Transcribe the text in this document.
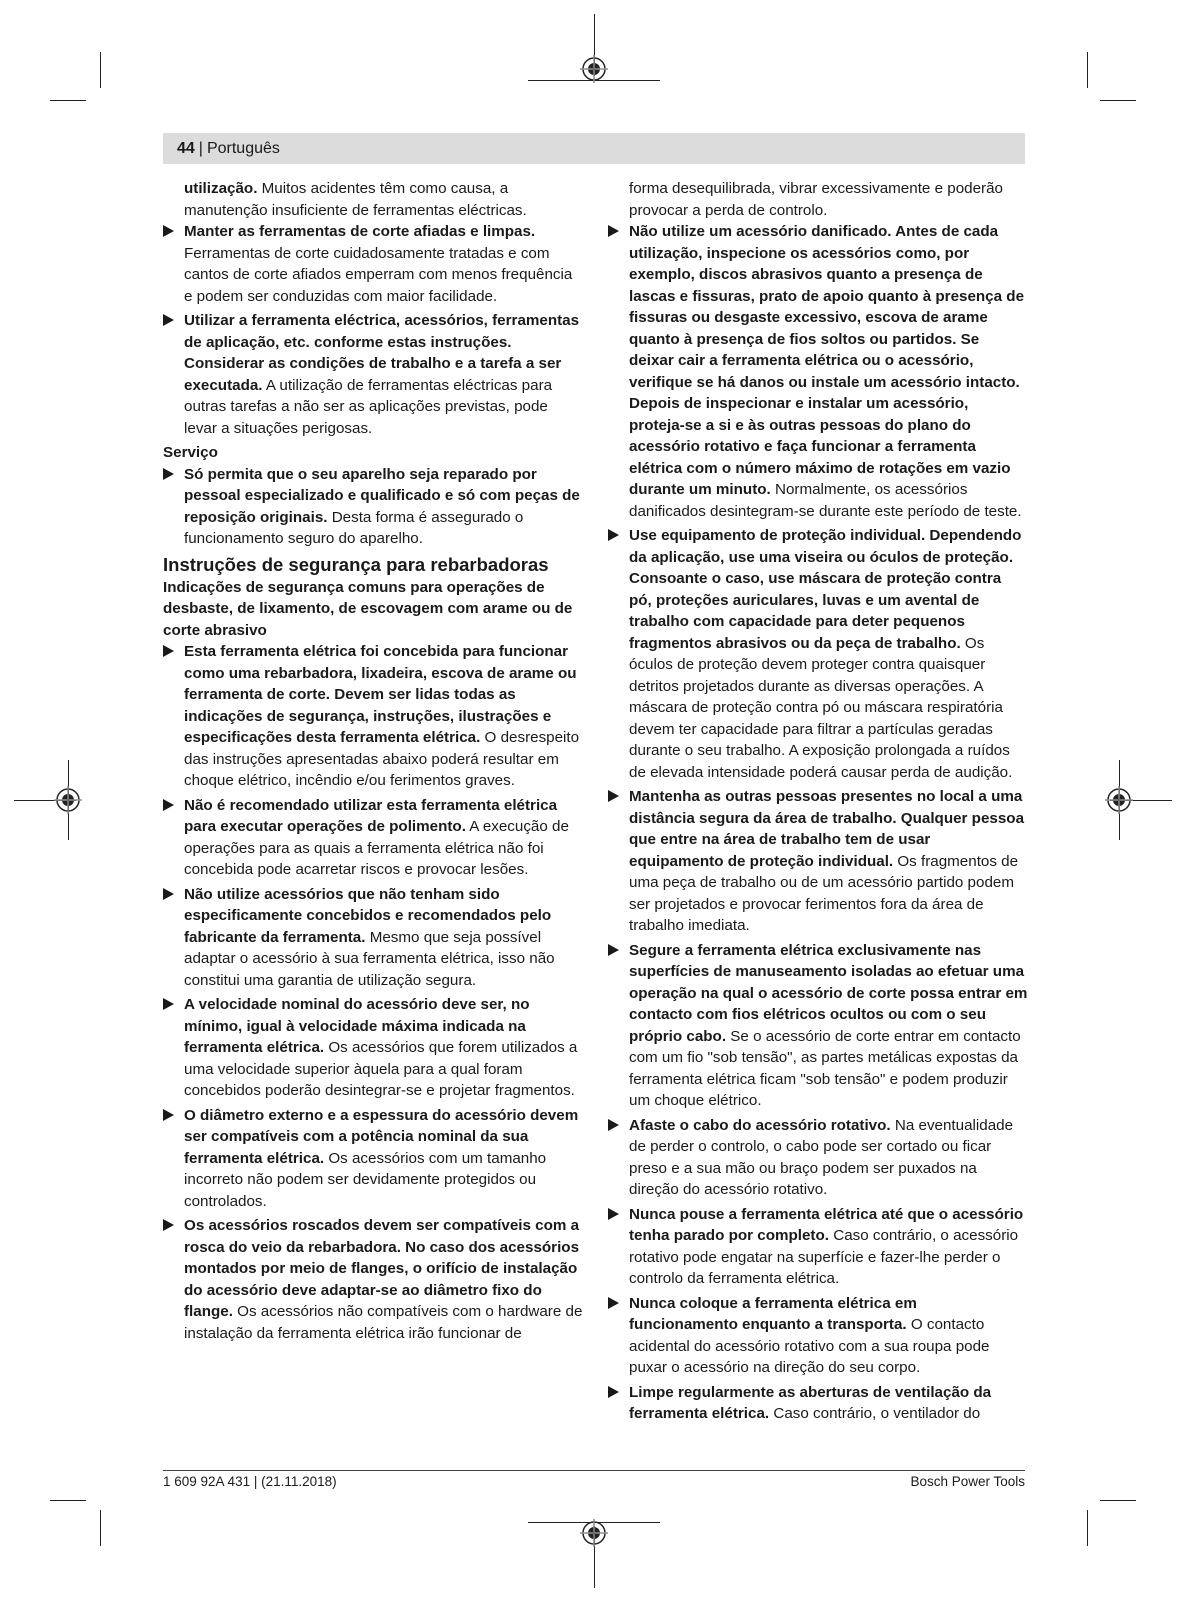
44 | Português

utilização. Muitos acidentes têm como causa, a manutenção insuficiente de ferramentas eléctricas.

Manter as ferramentas de corte afiadas e limpas. Ferramentas de corte cuidadosamente tratadas e com cantos de corte afiados emperram com menos frequência e podem ser conduzidas com maior facilidade.
Utilizar a ferramenta eléctrica, acessórios, ferramentas de aplicação, etc. conforme estas instruções. Considerar as condições de trabalho e a tarefa a ser executada. A utilização de ferramentas eléctricas para outras tarefas a não ser as aplicações previstas, pode levar a situações perigosas.

Serviço

Só permita que o seu aparelho seja reparado por pessoal especializado e qualificado e só com peças de reposição originais. Desta forma é assegurado o funcionamento seguro do aparelho.

Instruções de segurança para rebarbadoras

Indicações de segurança comuns para operações de desbaste, de lixamento, de escovagem com arame ou de corte abrasivo

Esta ferramenta elétrica foi concebida para funcionar como uma rebarbadora, lixadeira, escova de arame ou ferramenta de corte. Devem ser lidas todas as indicações de segurança, instruções, ilustrações e especificações desta ferramenta elétrica. O desrespeito das instruções apresentadas abaixo poderá resultar em choque elétrico, incêndio e/ou ferimentos graves.
Não é recomendado utilizar esta ferramenta elétrica para executar operações de polimento. A execução de operações para as quais a ferramenta elétrica não foi concebida pode acarretar riscos e provocar lesões.
Não utilize acessórios que não tenham sido especificamente concebidos e recomendados pelo fabricante da ferramenta. Mesmo que seja possível adaptar o acessório à sua ferramenta elétrica, isso não constitui uma garantia de utilização segura.
A velocidade nominal do acessório deve ser, no mínimo, igual à velocidade máxima indicada na ferramenta elétrica. Os acessórios que forem utilizados a uma velocidade superior àquela para a qual foram concebidos poderão desintegrar-se e projetar fragmentos.
O diâmetro externo e a espessura do acessório devem ser compatíveis com a potência nominal da sua ferramenta elétrica. Os acessórios com um tamanho incorreto não podem ser devidamente protegidos ou controlados.
Os acessórios roscados devem ser compatíveis com a rosca do veio da rebarbadora. No caso dos acessórios montados por meio de flanges, o orifício de instalação do acessório deve adaptar-se ao diâmetro fixo do flange. Os acessórios não compatíveis com o hardware de instalação da ferramenta elétrica irão funcionar de

forma desequilibrada, vibrar excessivamente e poderão provocar a perda de controlo.

Não utilize um acessório danificado. Antes de cada utilização, inspecione os acessórios como, por exemplo, discos abrasivos quanto a presença de lascas e fissuras, prato de apoio quanto à presença de fissuras ou desgaste excessivo, escova de arame quanto à presença de fios soltos ou partidos. Se deixar cair a ferramenta elétrica ou o acessório, verifique se há danos ou instale um acessório intacto. Depois de inspecionar e instalar um acessório, proteja-se a si e às outras pessoas do plano do acessório rotativo e faça funcionar a ferramenta elétrica com o número máximo de rotações em vazio durante um minuto. Normalmente, os acessórios danificados desintegram-se durante este período de teste.
Use equipamento de proteção individual. Dependendo da aplicação, use uma viseira ou óculos de proteção. Consoante o caso, use máscara de proteção contra pó, proteções auriculares, luvas e um avental de trabalho com capacidade para deter pequenos fragmentos abrasivos ou da peça de trabalho. Os óculos de proteção devem proteger contra quaisquer detritos projetados durante as diversas operações. A máscara de proteção contra pó ou máscara respiratória devem ter capacidade para filtrar a partículas geradas durante o seu trabalho. A exposição prolongada a ruídos de elevada intensidade poderá causar perda de audição.
Mantenha as outras pessoas presentes no local a uma distância segura da área de trabalho. Qualquer pessoa que entre na área de trabalho tem de usar equipamento de proteção individual. Os fragmentos de uma peça de trabalho ou de um acessório partido podem ser projetados e provocar ferimentos fora da área de trabalho imediata.
Segure a ferramenta elétrica exclusivamente nas superfícies de manuseamento isoladas ao efetuar uma operação na qual o acessório de corte possa entrar em contacto com fios elétricos ocultos ou com o seu próprio cabo. Se o acessório de corte entrar em contacto com um fio "sob tensão", as partes metálicas expostas da ferramenta elétrica ficam "sob tensão" e podem produzir um choque elétrico.
Afaste o cabo do acessório rotativo. Na eventualidade de perder o controlo, o cabo pode ser cortado ou ficar preso e a sua mão ou braço podem ser puxados na direção do acessório rotativo.
Nunca pouse a ferramenta elétrica até que o acessório tenha parado por completo. Caso contrário, o acessório rotativo pode engatar na superfície e fazer-lhe perder o controlo da ferramenta elétrica.
Nunca coloque a ferramenta elétrica em funcionamento enquanto a transporta. O contacto acidental do acessório rotativo com a sua roupa pode puxar o acessório na direção do seu corpo.
Limpe regularmente as aberturas de ventilação da ferramenta elétrica. Caso contrário, o ventilador do
1 609 92A 431 | (21.11.2018)	Bosch Power Tools
